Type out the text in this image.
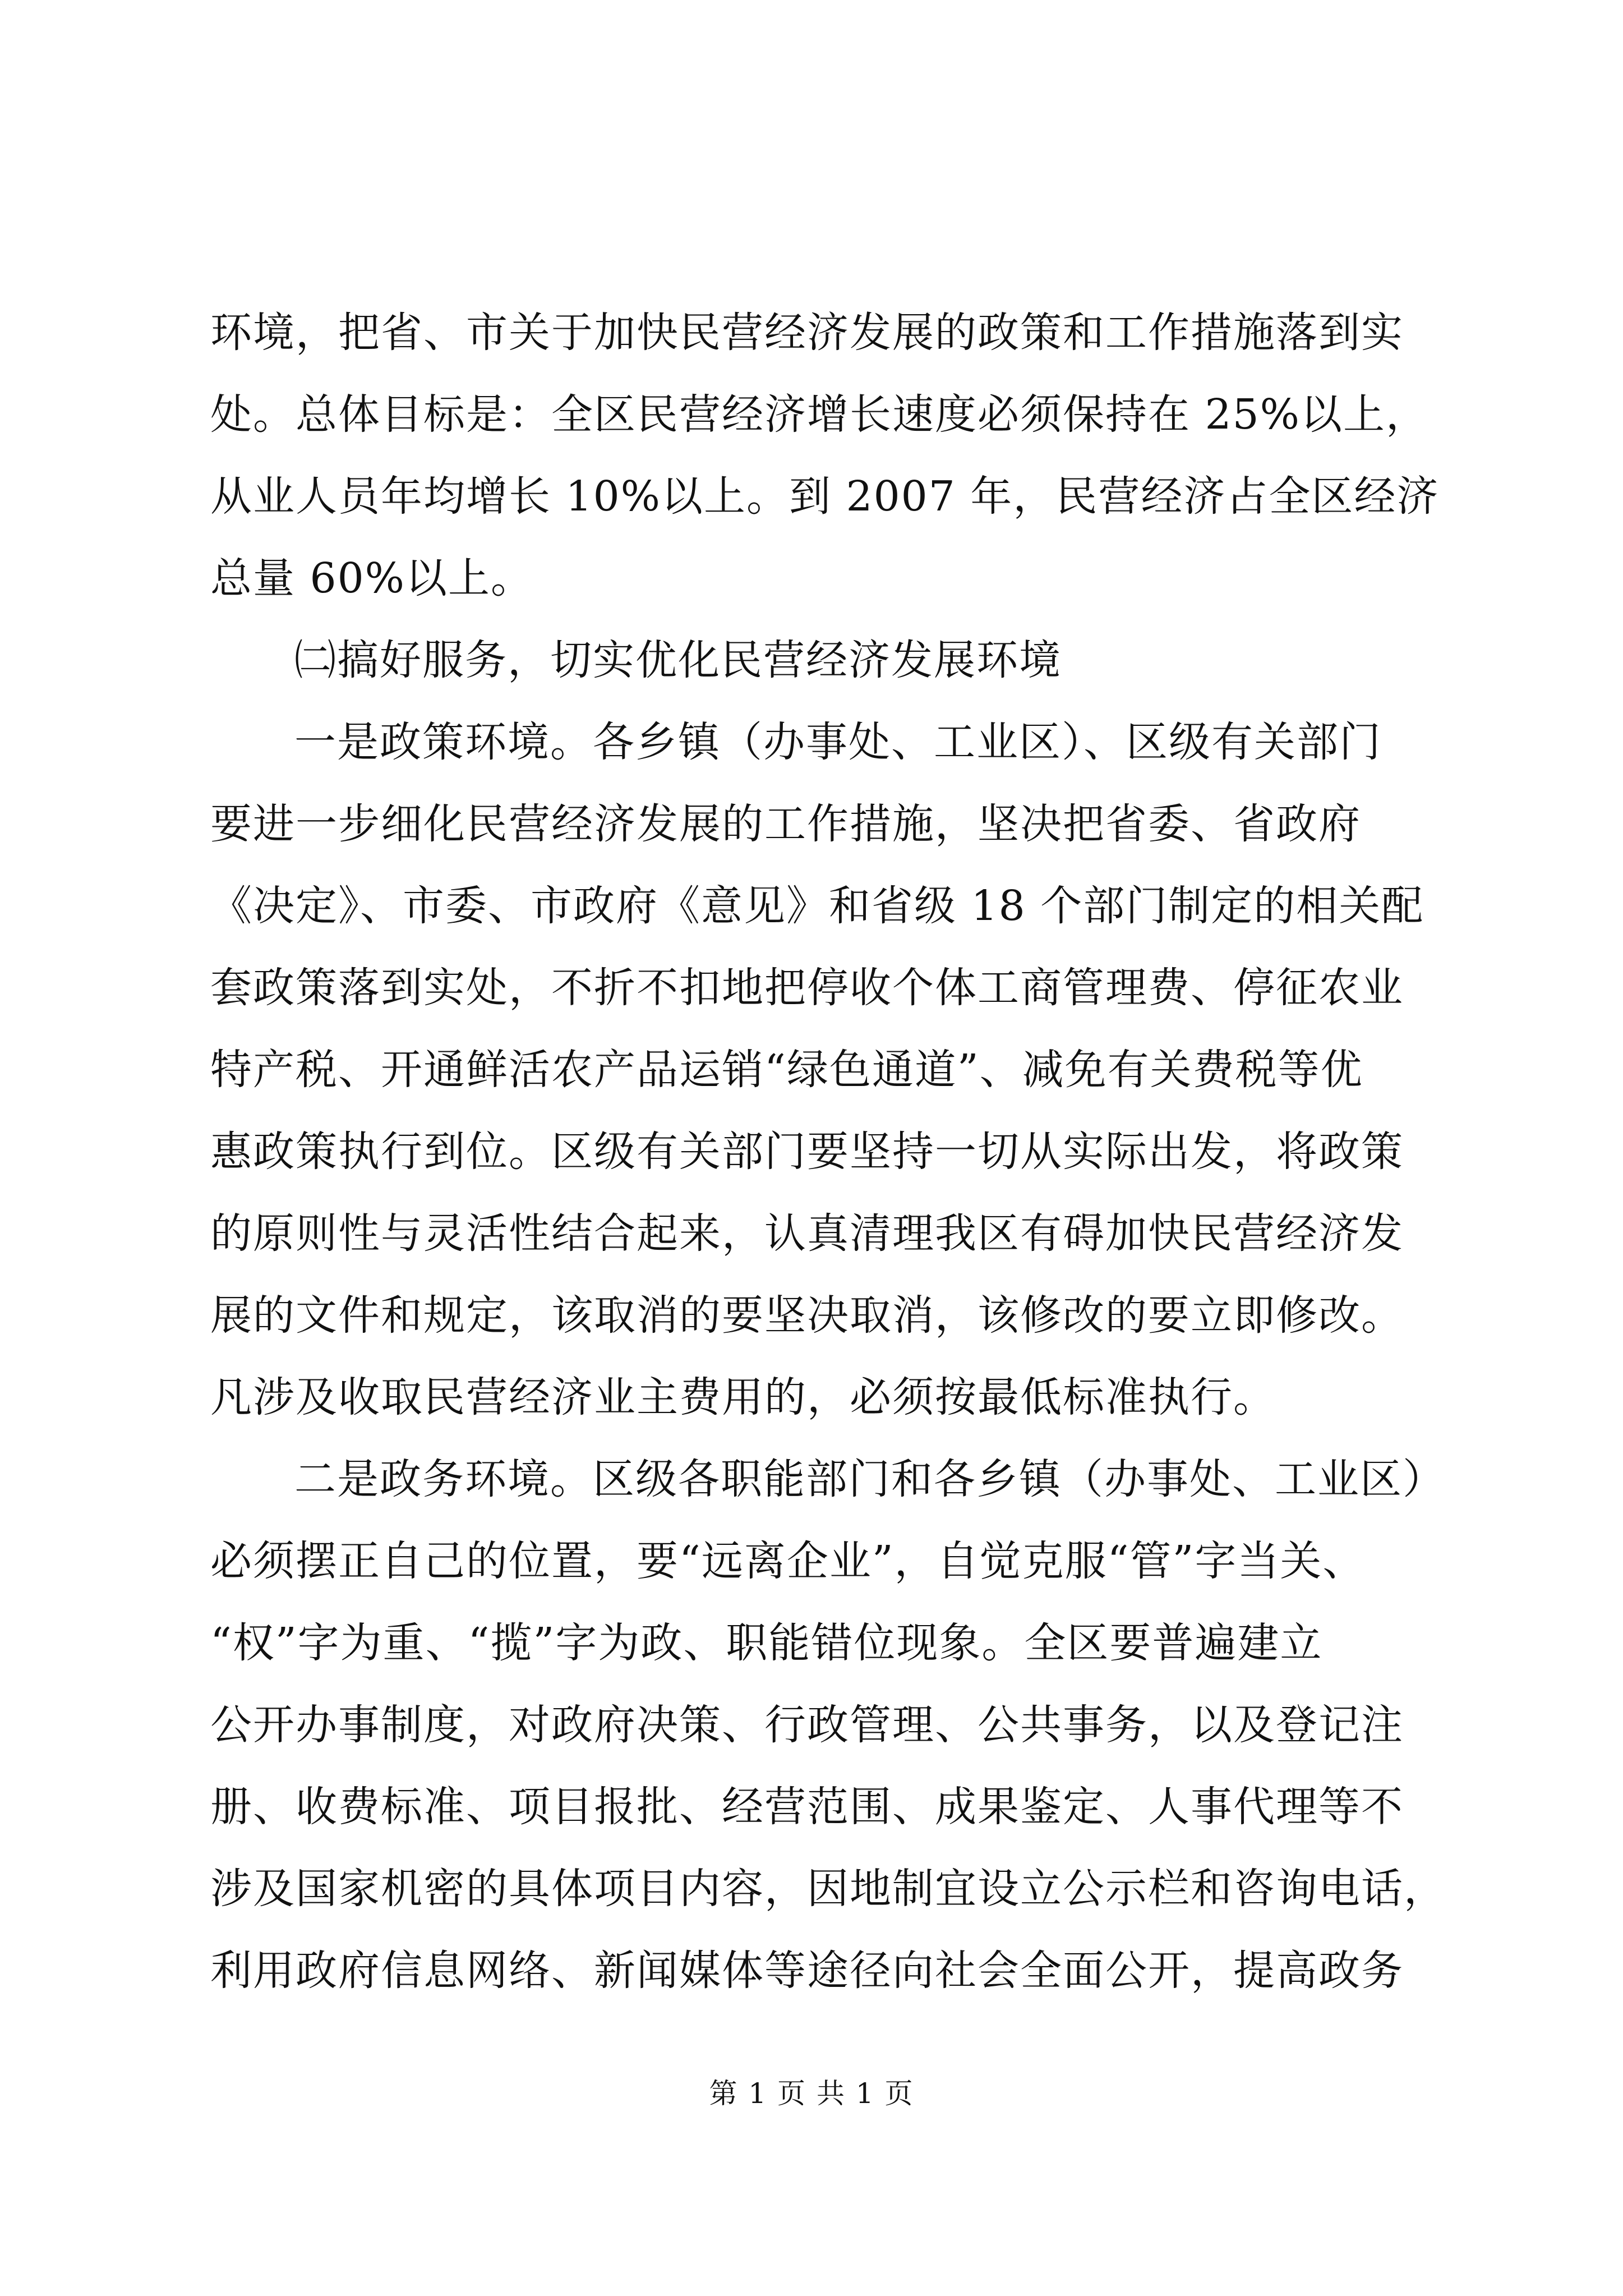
环境，把省、市关于加快民营经济发展的政策和工作措施落到实
处。总体目标是：全区民营经济增长速度必须保持在 25%以上，
从业人员年均增长 10%以上。到 2007 年，民营经济占全区经济
总量 60%以上。
㈡搞好服务，切实优化民营经济发展环境
一是政策环境。各乡镇（办事处、工业区）、区级有关部门
要进一步细化民营经济发展的工作措施，坚决把省委、省政府
《决定》、市委、市政府《意见》和省级 18 个部门制定的相关配
套政策落到实处，不折不扣地把停收个体工商管理费、停征农业
特产税、开通鲜活农产品运销“绿色通道”、减免有关费税等优
惠政策执行到位。区级有关部门要坚持一切从实际出发，将政策
的原则性与灵活性结合起来，认真清理我区有碍加快民营经济发
展的文件和规定，该取消的要坚决取消，该修改的要立即修改。
凡涉及收取民营经济业主费用的，必须按最低标准执行。
二是政务环境。区级各职能部门和各乡镇（办事处、工业区）
必须摆正自己的位置，要“远离企业”，自觉克服“管”字当关、
“权”字为重、“揽”字为政、职能错位现象。全区要普遍建立
公开办事制度，对政府决策、行政管理、公共事务，以及登记注
册、收费标准、项目报批、经营范围、成果鉴定、人事代理等不
涉及国家机密的具体项目内容，因地制宜设立公示栏和咨询电话，
利用政府信息网络、新闻媒体等途径向社会全面公开，提高政务
第 1 页 共 1 页
